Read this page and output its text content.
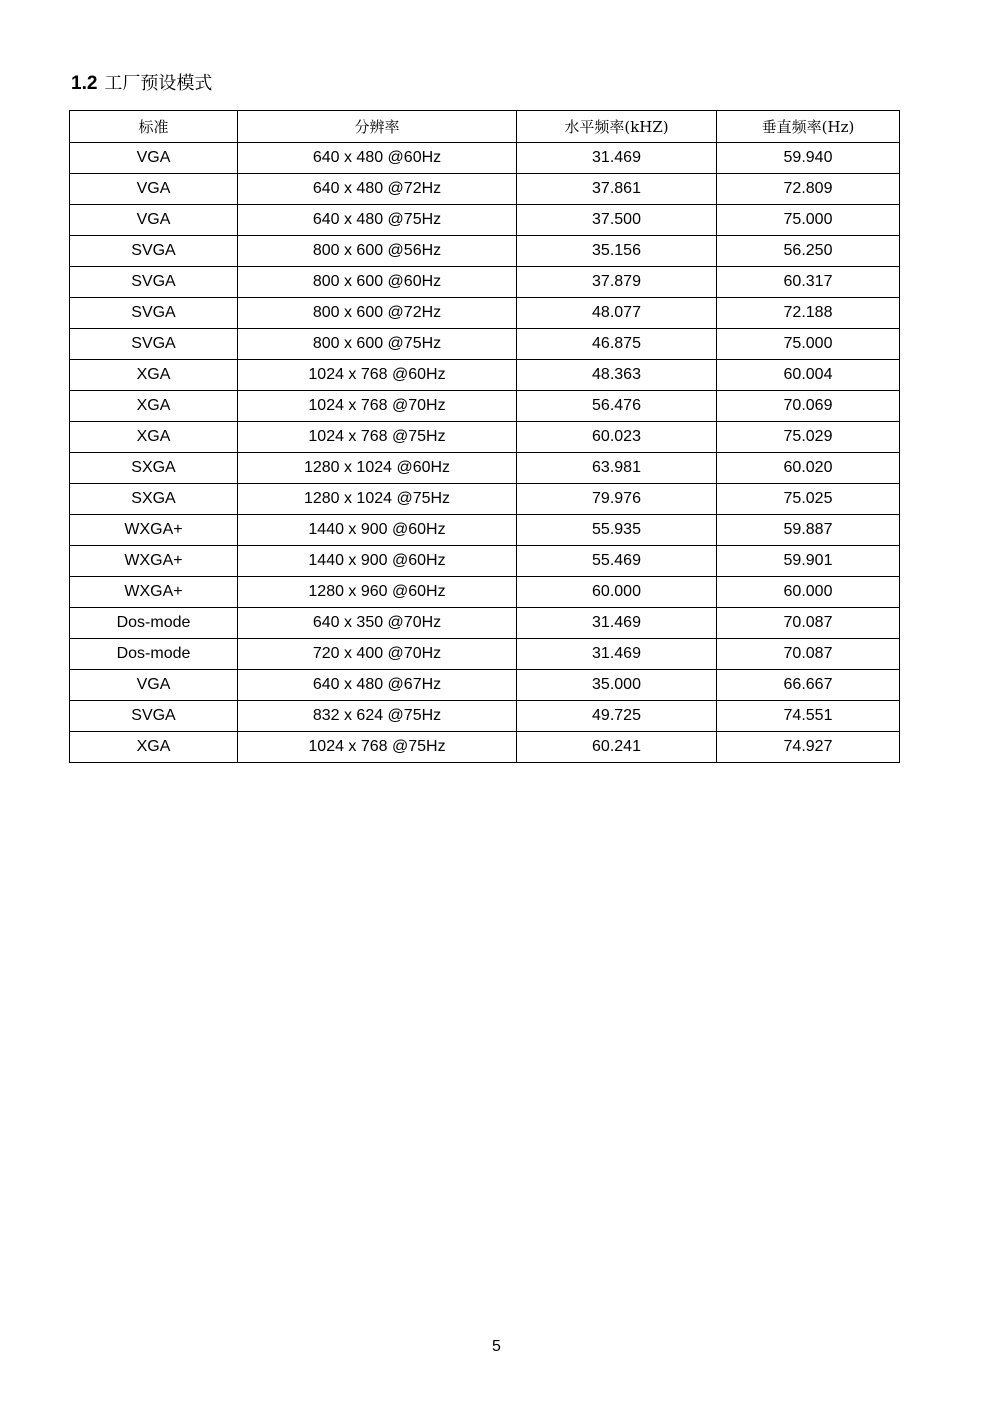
1.2 工厂预设模式
标准	分辨率	水平频率(kHZ)	垂直频率(Hz)
VGA	640 x 480 @60Hz	31.469	59.940
VGA	640 x 480 @72Hz	37.861	72.809
VGA	640 x 480 @75Hz	37.500	75.000
SVGA	800 x 600 @56Hz	35.156	56.250
SVGA	800 x 600 @60Hz	37.879	60.317
SVGA	800 x 600 @72Hz	48.077	72.188
SVGA	800 x 600 @75Hz	46.875	75.000
XGA	1024 x 768 @60Hz	48.363	60.004
XGA	1024 x 768 @70Hz	56.476	70.069
XGA	1024 x 768 @75Hz	60.023	75.029
SXGA	1280 x 1024 @60Hz	63.981	60.020
SXGA	1280 x 1024 @75Hz	79.976	75.025
WXGA+	1440 x 900 @60Hz	55.935	59.887
WXGA+	1440 x 900 @60Hz	55.469	59.901
WXGA+	1280 x 960 @60Hz	60.000	60.000
Dos-mode	640 x 350 @70Hz	31.469	70.087
Dos-mode	720 x 400 @70Hz	31.469	70.087
VGA	640 x 480 @67Hz	35.000	66.667
SVGA	832 x 624 @75Hz	49.725	74.551
XGA	1024 x 768 @75Hz	60.241	74.927
5
